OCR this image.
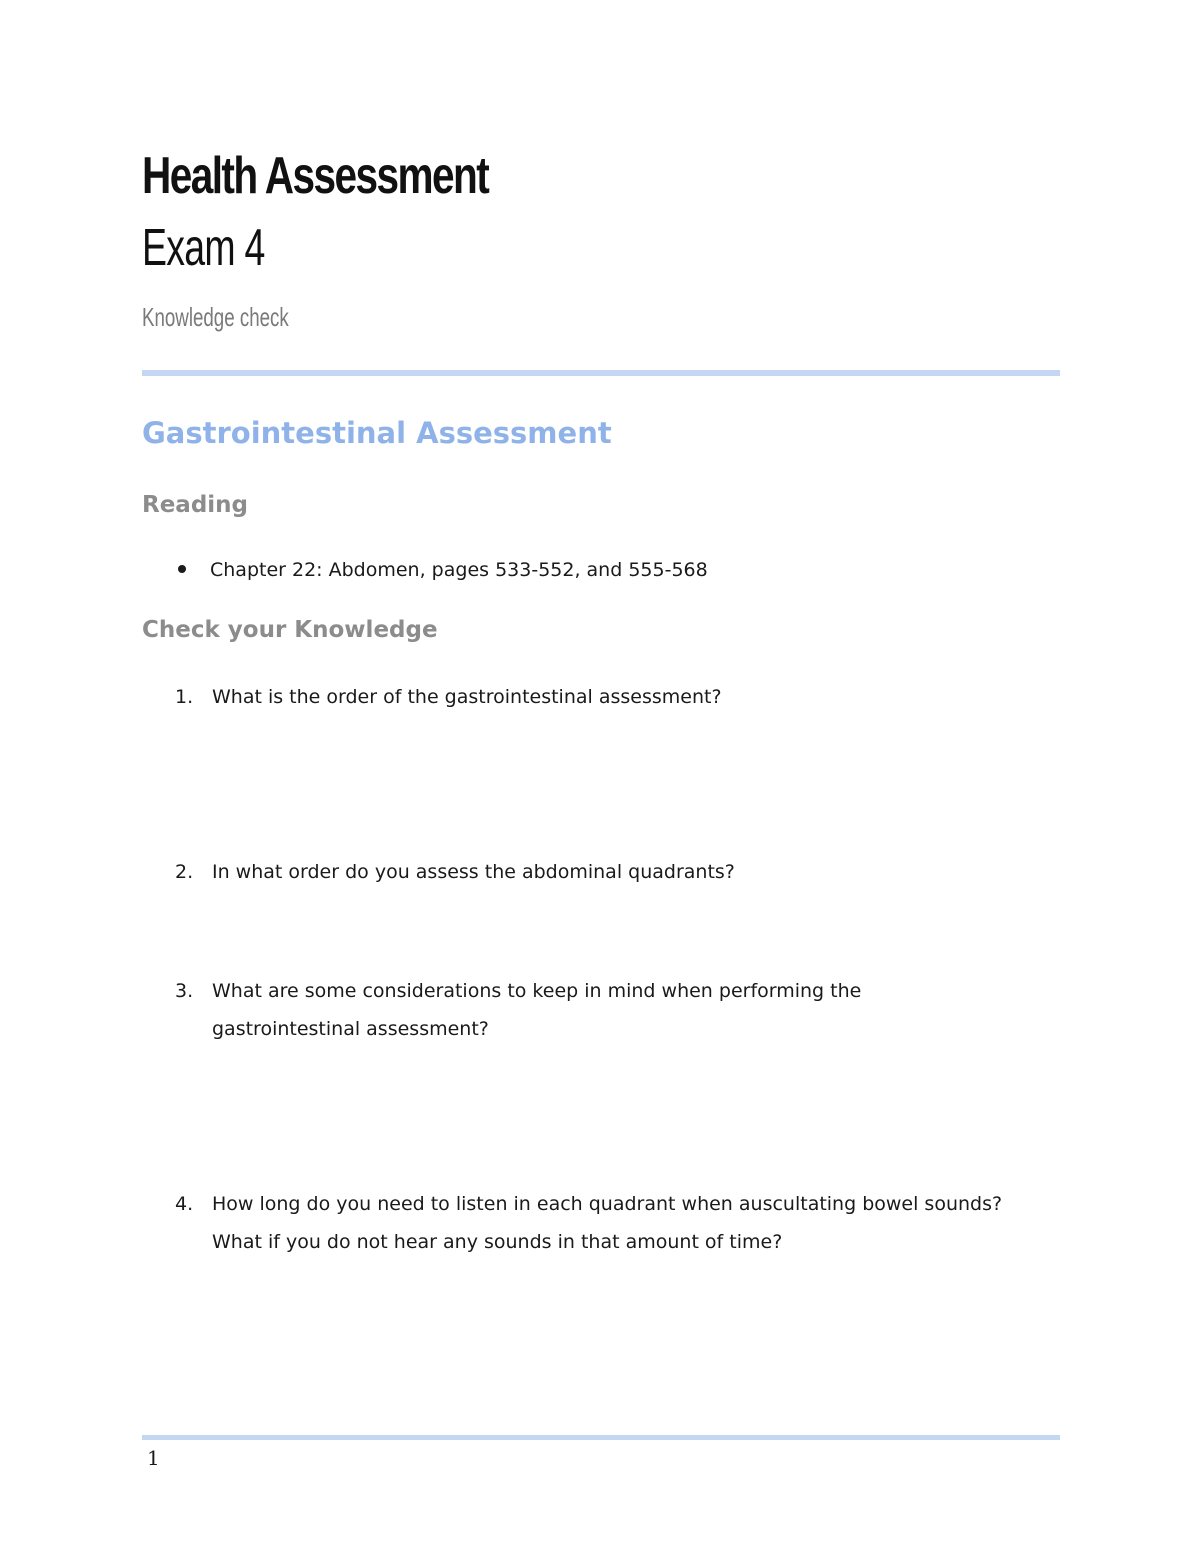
Health Assessment
Exam 4
Knowledge check
Gastrointestinal Assessment
Reading
Chapter 22: Abdomen, pages 533-552, and 555-568
Check your Knowledge
1. What is the order of the gastrointestinal assessment?
2. In what order do you assess the abdominal quadrants?
3. What are some considerations to keep in mind when performing the gastrointestinal assessment?
4. How long do you need to listen in each quadrant when auscultating bowel sounds? What if you do not hear any sounds in that amount of time?
1
